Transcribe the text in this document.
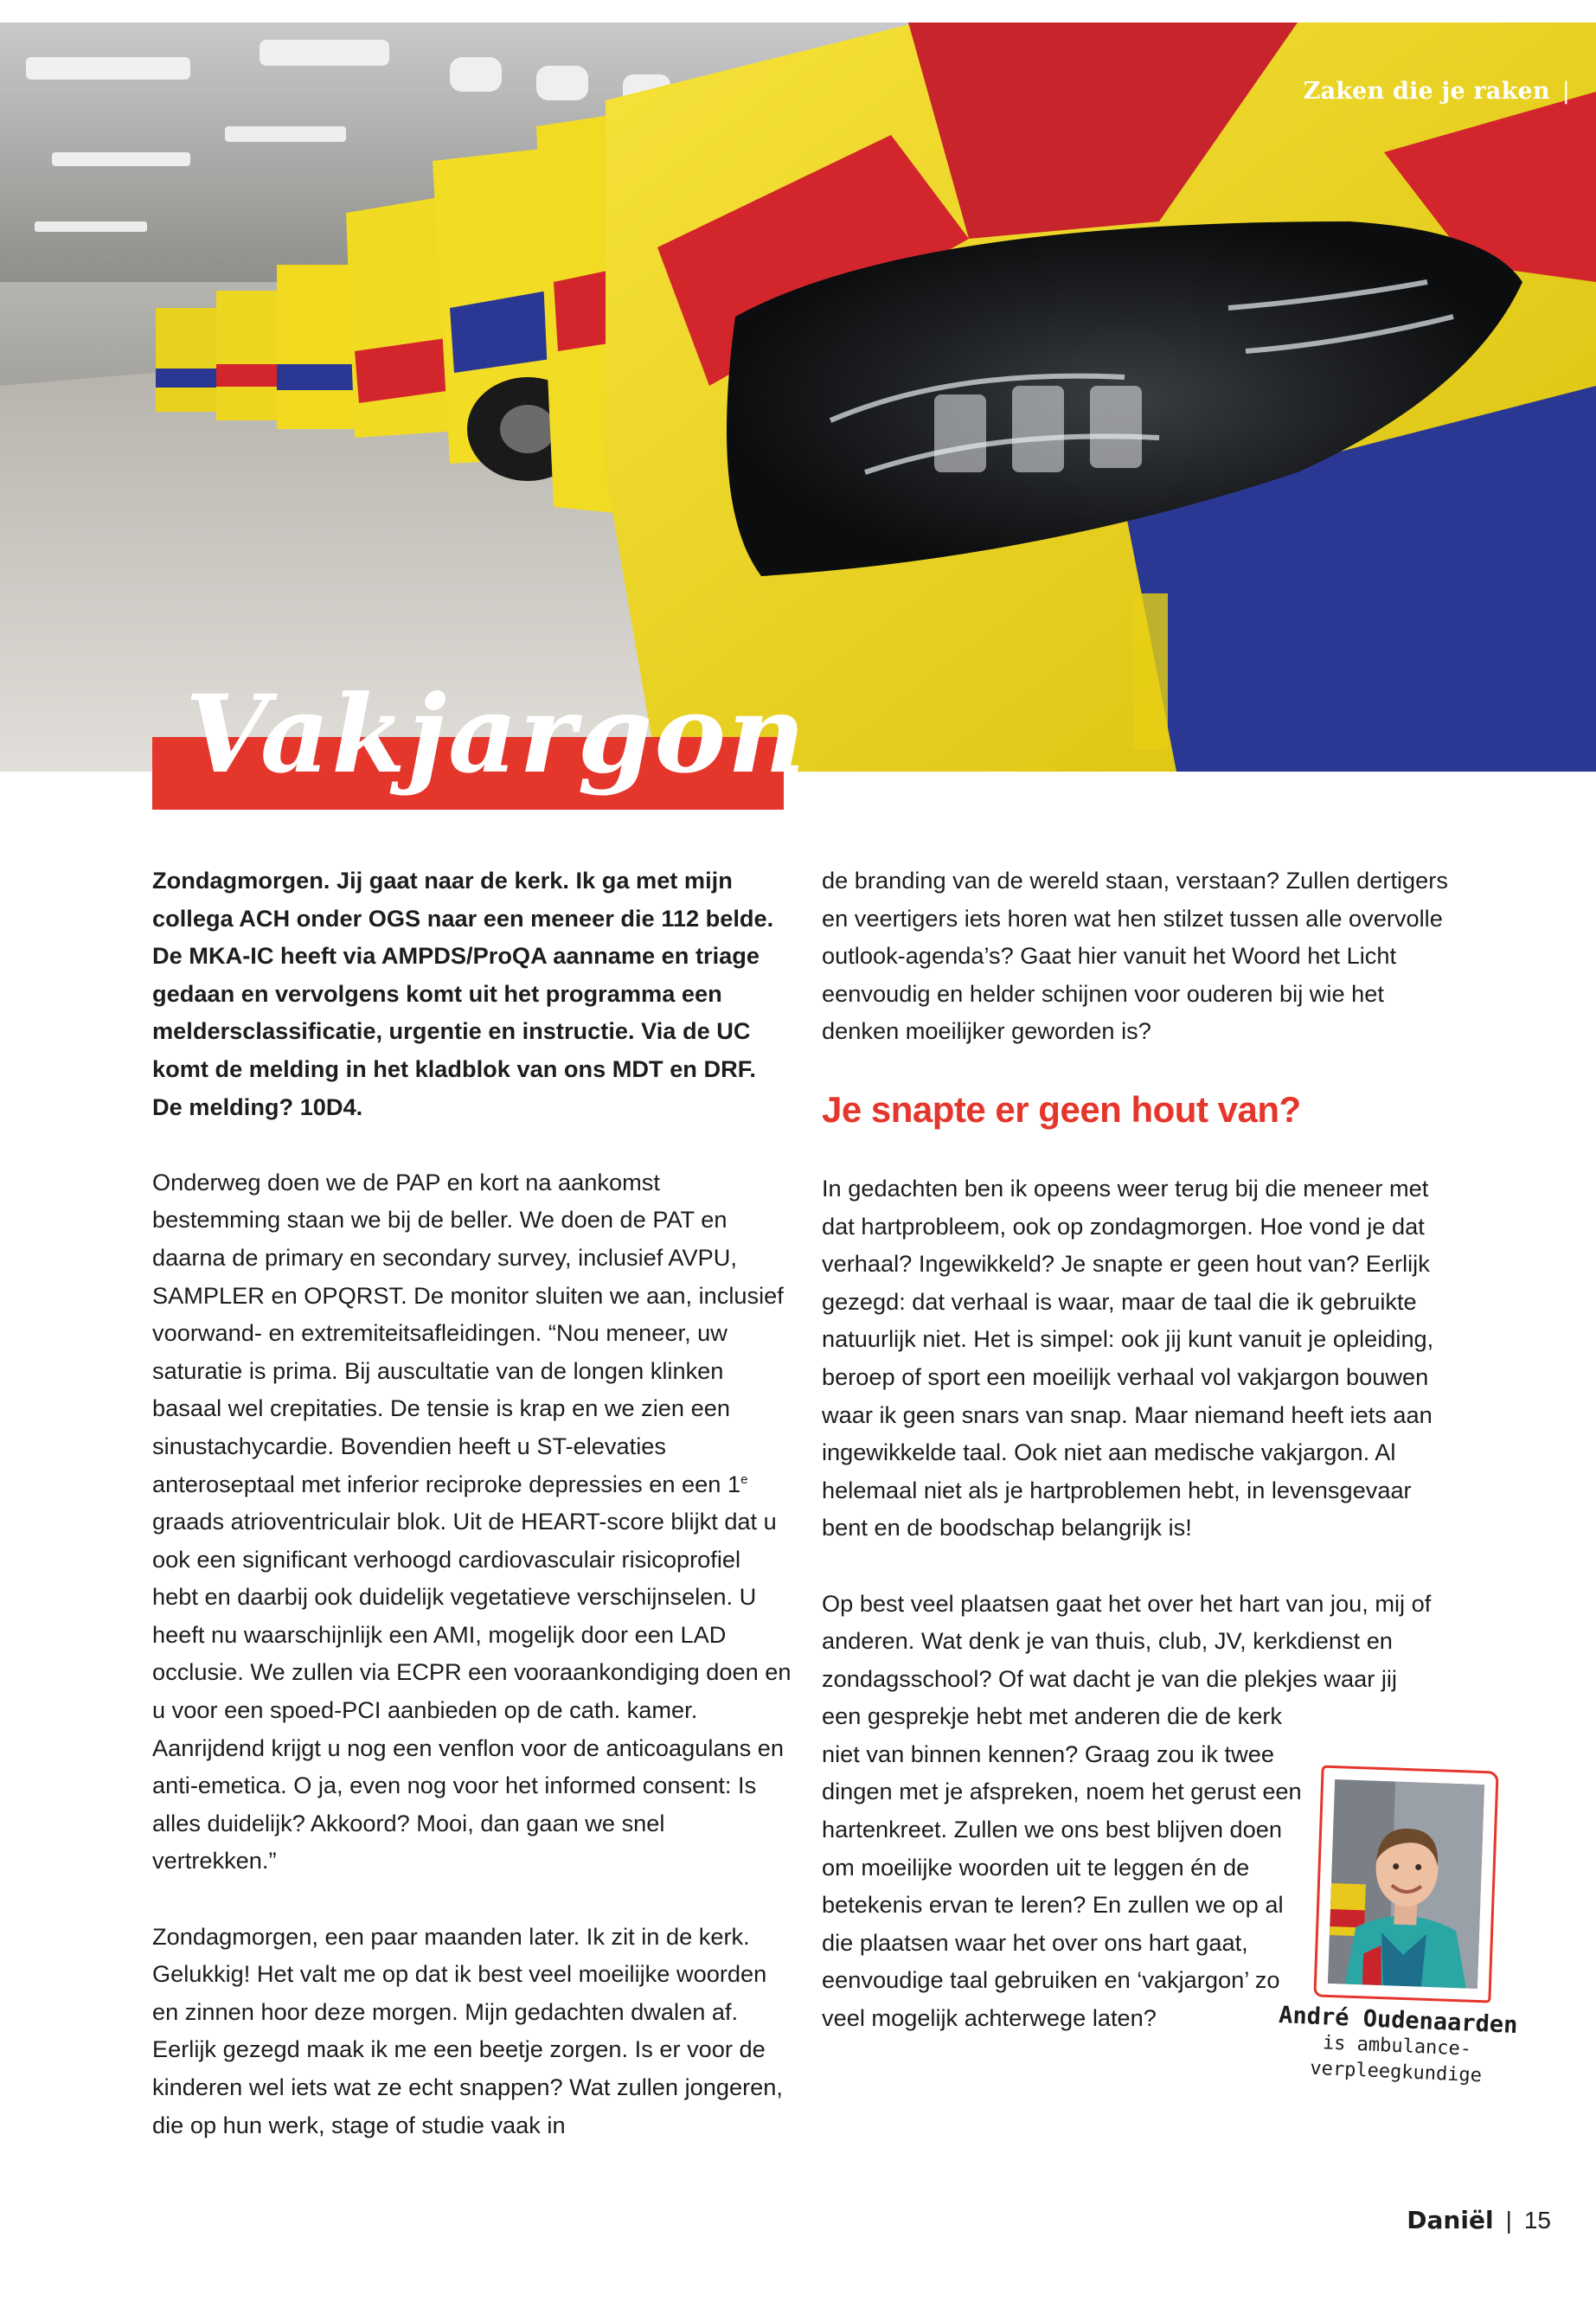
Zaken die je raken |
Vakjargon

Zondagmorgen. Jij gaat naar de kerk. Ik ga met mijn collega ACH onder OGS naar een meneer die 112 belde. De MKA-IC heeft via AMPDS/ProQA aanname en triage gedaan en vervolgens komt uit het programma een meldersclassificatie, urgentie en instructie. Via de UC komt de melding in het kladblok van ons MDT en DRF. De melding? 10D4.

Onderweg doen we de PAP en kort na aankomst bestemming staan we bij de beller. We doen de PAT en daarna de primary en secondary survey, inclusief AVPU, SAMPLER en OPQRST. De monitor sluiten we aan, inclusief voorwand- en extremiteitsafleidingen. “Nou meneer, uw saturatie is prima. Bij auscultatie van de longen klinken basaal wel crepitaties. De tensie is krap en we zien een sinustachycardie. Bovendien heeft u ST-elevaties anteroseptaal met inferior reciproke depressies en een 1e graads atrioventriculair blok. Uit de HEART-score blijkt dat u ook een significant verhoogd cardiovasculair risicoprofiel hebt en daarbij ook duidelijk vegetatieve verschijnselen. U heeft nu waarschijnlijk een AMI, mogelijk door een LAD occlusie. We zullen via ECPR een vooraankondiging doen en u voor een spoed-PCI aanbieden op de cath. kamer. Aanrijdend krijgt u nog een venflon voor de anticoagulans en anti-emetica. O ja, even nog voor het informed consent: Is alles duidelijk? Akkoord? Mooi, dan gaan we snel vertrekken.”

Zondagmorgen, een paar maanden later. Ik zit in de kerk. Gelukkig! Het valt me op dat ik best veel moeilijke woorden en zinnen hoor deze morgen. Mijn gedachten dwalen af. Eerlijk gezegd maak ik me een beetje zorgen. Is er voor de kinderen wel iets wat ze echt snappen? Wat zullen jongeren, die op hun werk, stage of studie vaak in

de branding van de wereld staan, verstaan? Zullen dertigers en veertigers iets horen wat hen stilzet tussen alle overvolle outlook-agenda’s? Gaat hier vanuit het Woord het Licht eenvoudig en helder schijnen voor ouderen bij wie het denken moeilijker geworden is?

Je snapte er geen hout van?

In gedachten ben ik opeens weer terug bij die meneer met dat hartprobleem, ook op zondagmorgen. Hoe vond je dat verhaal? Ingewikkeld? Je snapte er geen hout van? Eerlijk gezegd: dat verhaal is waar, maar de taal die ik gebruikte natuurlijk niet. Het is simpel: ook jij kunt vanuit je opleiding, beroep of sport een moeilijk verhaal vol vakjargon bouwen waar ik geen snars van snap. Maar niemand heeft iets aan ingewikkelde taal. Ook niet aan medische vakjargon. Al helemaal niet als je hartproblemen hebt, in levensgevaar bent en de boodschap belangrijk is!

Op best veel plaatsen gaat het over het hart van jou, mij of anderen. Wat denk je van thuis, club, JV, kerkdienst en zondagsschool? Of wat dacht je van die plekjes waar jij

een gesprekje hebt met anderen die de kerk niet van binnen kennen? Graag zou ik twee dingen met je afspreken, noem het gerust een hartenkreet. Zullen we ons best blijven doen om moeilijke woorden uit te leggen én de betekenis ervan te leren? En zullen we op al die plaatsen waar het over ons hart gaat, eenvoudige taal gebruiken en ‘vakjargon’ zo veel mogelijk achterwege laten?	André Oudenaarden
is ambulance-
verpleegkundige
Daniël | 15
